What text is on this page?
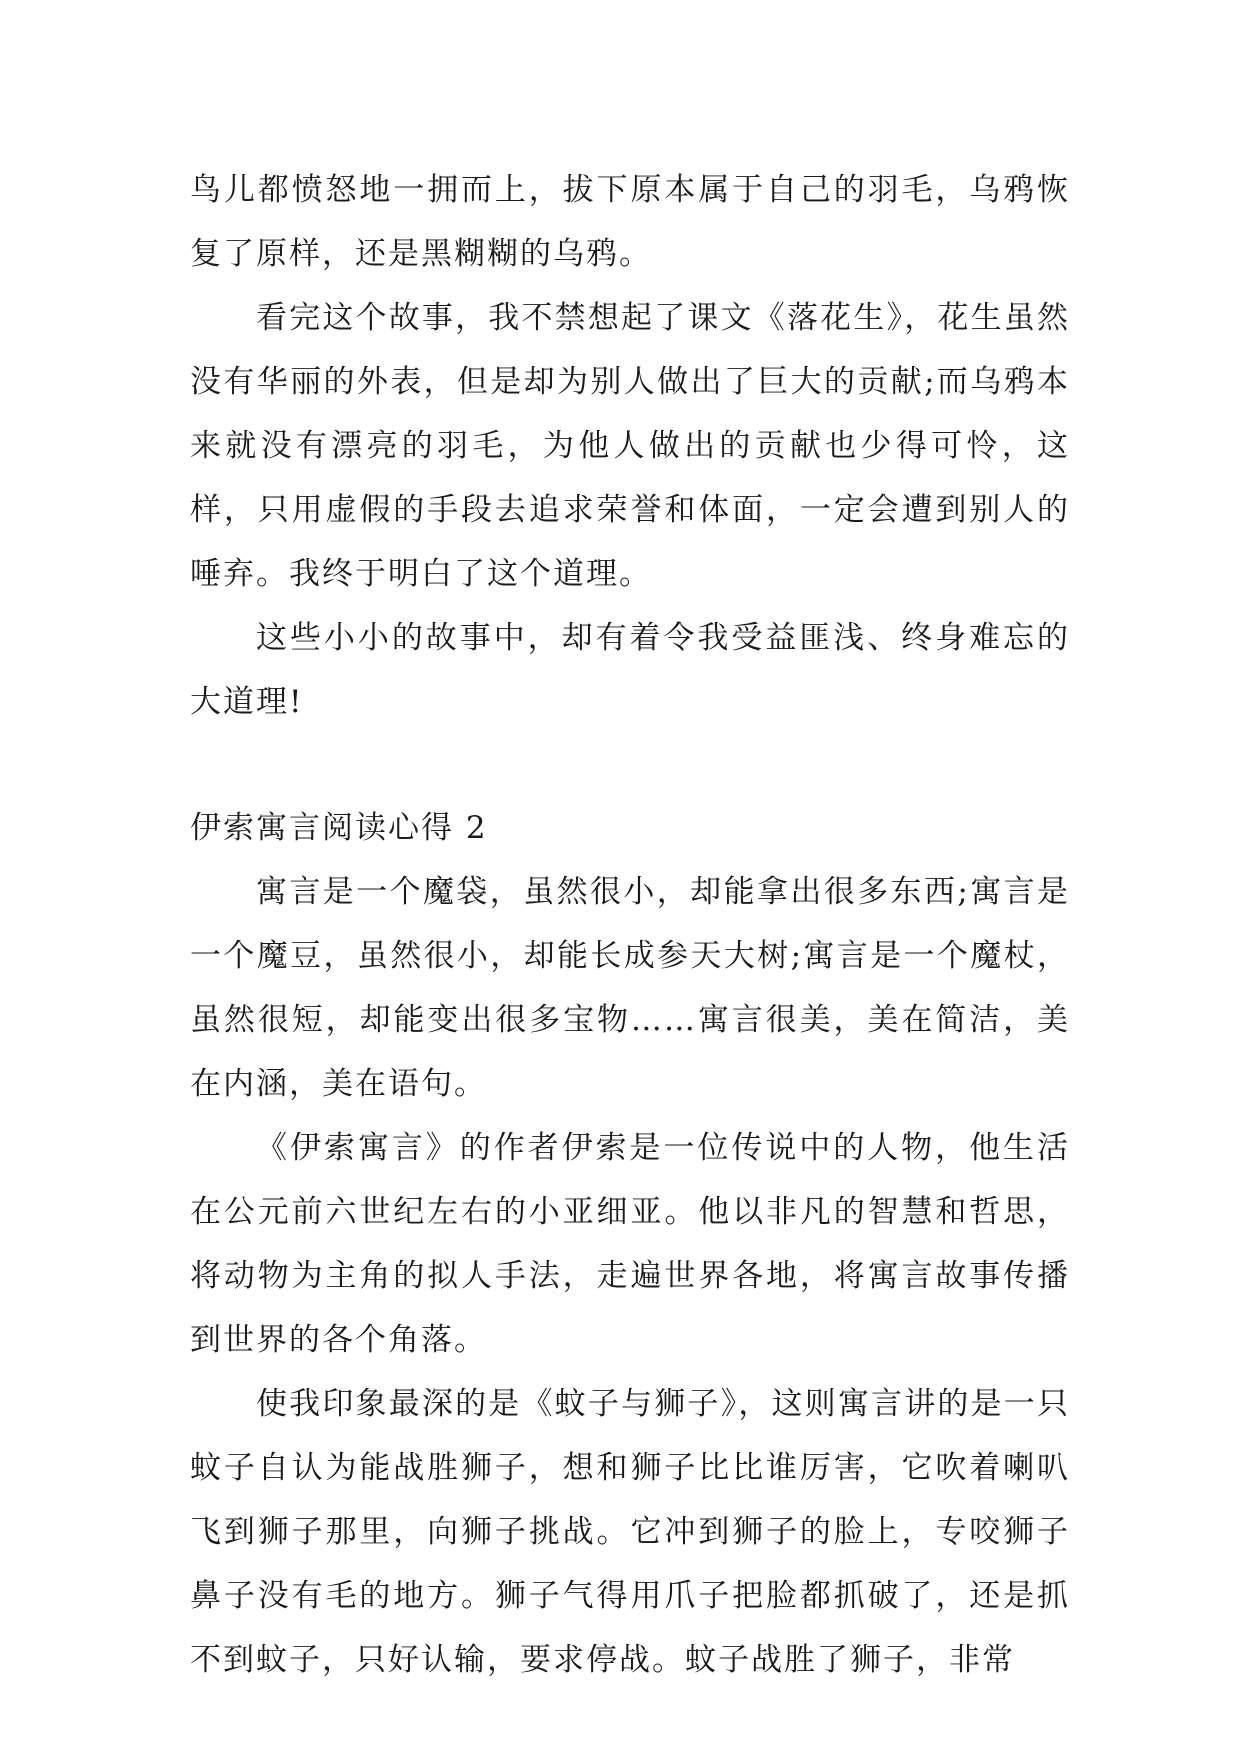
鸟儿都愤怒地一拥而上，拔下原本属于自己的羽毛，乌鸦恢复了原样，还是黑糊糊的乌鸦。

看完这个故事，我不禁想起了课文《落花生》，花生虽然没有华丽的外表，但是却为别人做出了巨大的贡献;而乌鸦本来就没有漂亮的羽毛，为他人做出的贡献也少得可怜，这样，只用虚假的手段去追求荣誉和体面，一定会遭到别人的唾弃。我终于明白了这个道理。

这些小小的故事中，却有着令我受益匪浅、终身难忘的大道理!

伊索寓言阅读心得 2

寓言是一个魔袋，虽然很小，却能拿出很多东西;寓言是一个魔豆，虽然很小，却能长成参天大树;寓言是一个魔杖，虽然很短，却能变出很多宝物……寓言很美，美在简洁，美在内涵，美在语句。

《伊索寓言》的作者伊索是一位传说中的人物，他生活在公元前六世纪左右的小亚细亚。他以非凡的智慧和哲思，将动物为主角的拟人手法，走遍世界各地，将寓言故事传播到世界的各个角落。

使我印象最深的是《蚊子与狮子》，这则寓言讲的是一只蚊子自认为能战胜狮子，想和狮子比比谁厉害，它吹着喇叭飞到狮子那里，向狮子挑战。它冲到狮子的脸上，专咬狮子鼻子没有毛的地方。狮子气得用爪子把脸都抓破了，还是抓不到蚊子，只好认输，要求停战。蚊子战胜了狮子，非常
